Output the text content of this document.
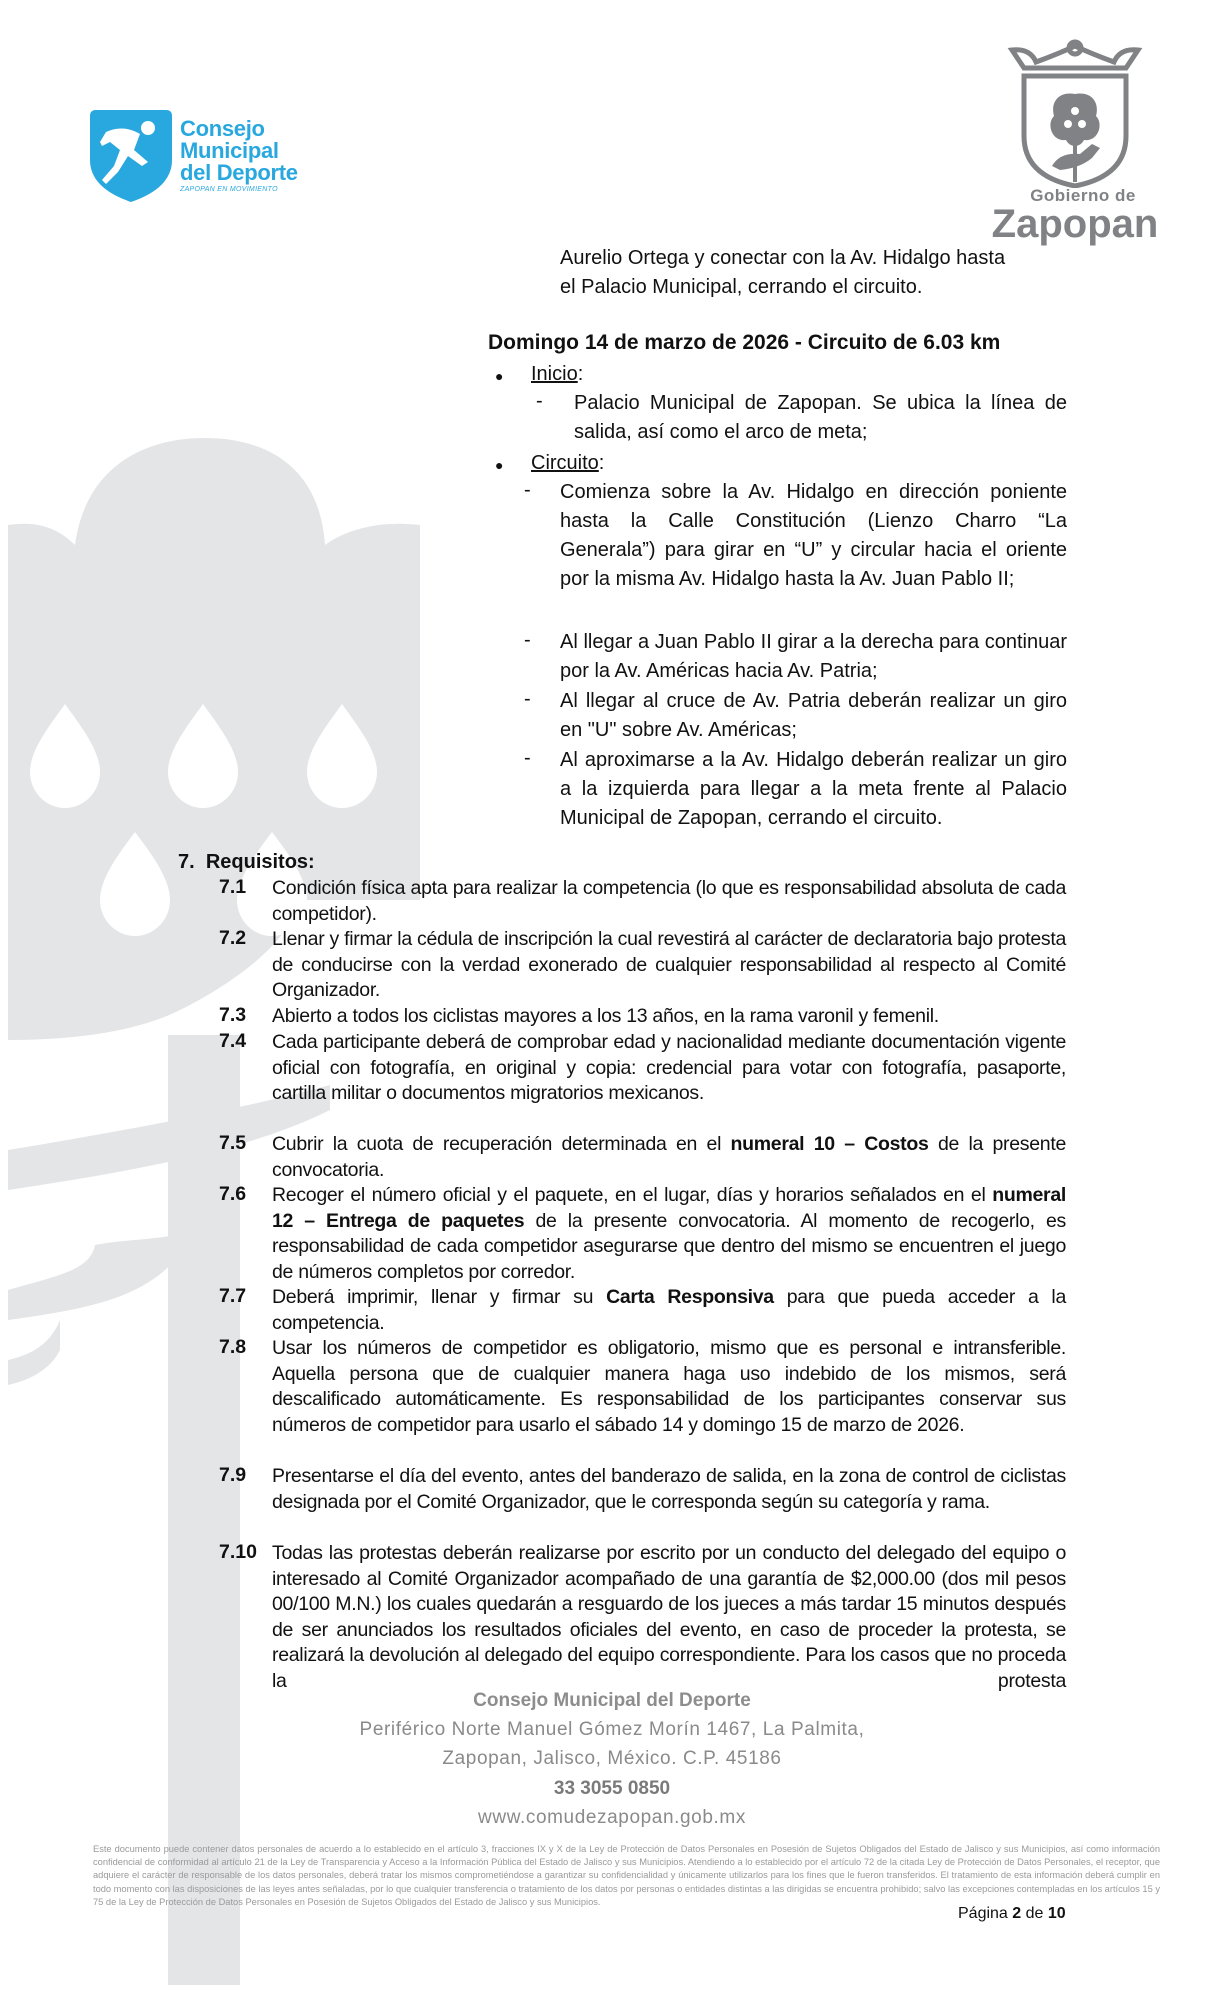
Consejo
Municipal
del Deporte
ZAPOPAN EN MOVIMIENTO	Gobierno de
Zapopan
Aurelio Ortega y conectar con la Av. Hidalgo hasta
el Palacio Municipal, cerrando el circuito.
Domingo 14 de marzo de 2026 - Circuito de 6.03 km
● Inicio:
- Palacio Municipal de Zapopan. Se ubica la línea de salida, así como el arco de meta;
● Circuito:
- Comienza sobre la Av. Hidalgo en dirección poniente hasta la Calle Constitución (Lienzo Charro “La Generala”) para girar en “U” y circular hacia el oriente por la misma Av. Hidalgo hasta la Av. Juan Pablo II;
- Al llegar a Juan Pablo II girar a la derecha para continuar por la Av. Américas hacia Av. Patria;
- Al llegar al cruce de Av. Patria deberán realizar un giro en "U" sobre Av. Américas;
- Al aproximarse a la Av. Hidalgo deberán realizar un giro a la izquierda para llegar a la meta frente al Palacio Municipal de Zapopan, cerrando el circuito.
7. Requisitos:
7.1 Condición física apta para realizar la competencia (lo que es responsabilidad absoluta de cada competidor).
7.2 Llenar y firmar la cédula de inscripción la cual revestirá al carácter de declaratoria bajo protesta de conducirse con la verdad exonerado de cualquier responsabilidad al respecto al Comité Organizador.
7.3 Abierto a todos los ciclistas mayores a los 13 años, en la rama varonil y femenil.
7.4 Cada participante deberá de comprobar edad y nacionalidad mediante documentación vigente oficial con fotografía, en original y copia: credencial para votar con fotografía, pasaporte, cartilla militar o documentos migratorios mexicanos.
7.5 Cubrir la cuota de recuperación determinada en el numeral 10 – Costos de la presente convocatoria.
7.6 Recoger el número oficial y el paquete, en el lugar, días y horarios señalados en el numeral 12 – Entrega de paquetes de la presente convocatoria. Al momento de recogerlo, es responsabilidad de cada competidor asegurarse que dentro del mismo se encuentren el juego de números completos por corredor.
7.7 Deberá imprimir, llenar y firmar su Carta Responsiva para que pueda acceder a la competencia.
7.8 Usar los números de competidor es obligatorio, mismo que es personal e intransferible. Aquella persona que de cualquier manera haga uso indebido de los mismos, será descalificado automáticamente. Es responsabilidad de los participantes conservar sus números de competidor para usarlo el sábado 14 y domingo 15 de marzo de 2026.
7.9 Presentarse el día del evento, antes del banderazo de salida, en la zona de control de ciclistas designada por el Comité Organizador, que le corresponda según su categoría y rama.
7.10 Todas las protestas deberán realizarse por escrito por un conducto del delegado del equipo o interesado al Comité Organizador acompañado de una garantía de $2,000.00 (dos mil pesos 00/100 M.N.) los cuales quedarán a resguardo de los jueces a más tardar 15 minutos después de ser anunciados los resultados oficiales del evento, en caso de proceder la protesta, se realizará la devolución al delegado del equipo correspondiente. Para los casos que no proceda la protesta
Consejo Municipal del Deporte
Periférico Norte Manuel Gómez Morín 1467, La Palmita,
Zapopan, Jalisco, México. C.P. 45186
33 3055 0850
www.comudezapopan.gob.mx
Este documento puede contener datos personales de acuerdo a lo establecido en el artículo 3, fracciones IX y X de la Ley de Protección de Datos Personales en Posesión de Sujetos Obligados del Estado de Jalisco y sus Municipios, así como información confidencial de conformidad al artículo 21 de la Ley de Transparencia y Acceso a la Información Pública del Estado de Jalisco y sus Municipios. Atendiendo a lo establecido por el artículo 72 de la citada Ley de Protección de Datos Personales, el receptor, que adquiere el carácter de responsable de los datos personales, deberá tratar los mismos comprometiéndose a garantizar su confidencialidad y únicamente utilizarlos para los fines que le fueron transferidos. El tratamiento de esta información deberá cumplir en todo momento con las disposiciones de las leyes antes señaladas, por lo que cualquier transferencia o tratamiento de los datos por personas o entidades distintas a las dirigidas se encuentra prohibido; salvo las excepciones contempladas en los artículos 15 y 75 de la Ley de Protección de Datos Personales en Posesión de Sujetos Obligados del Estado de Jalisco y sus Municipios.
Página 2 de 10
